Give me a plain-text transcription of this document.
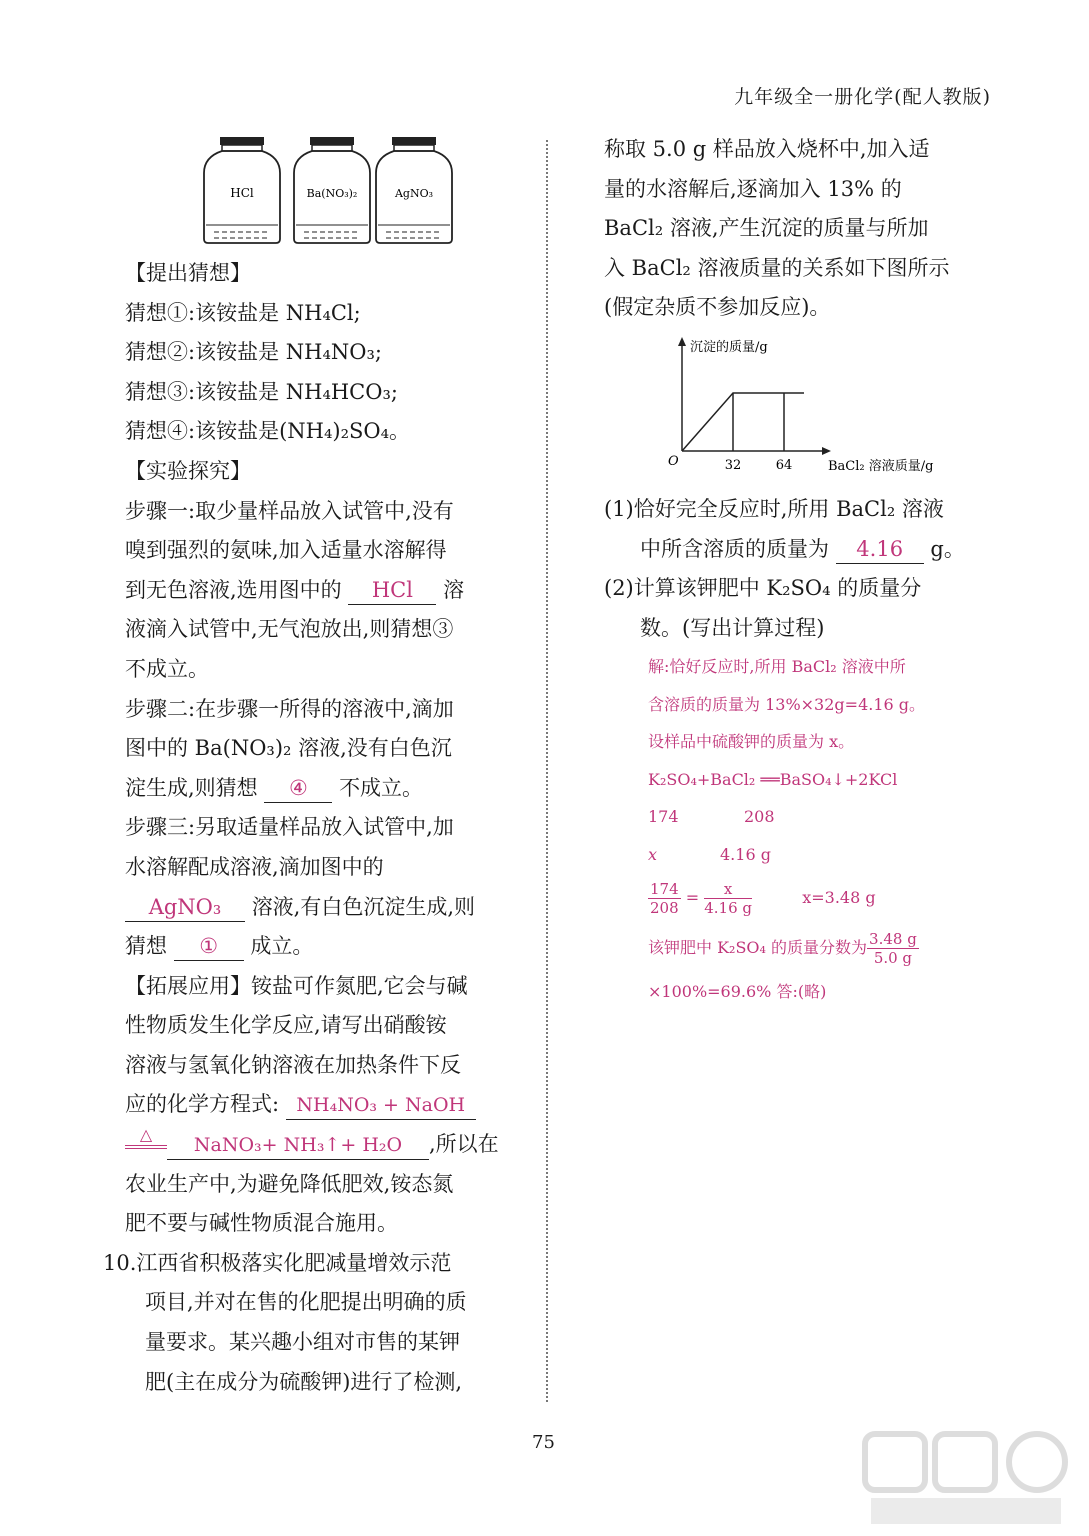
九年级全一册化学(配人教版)
HCl	Ba(NO₃)₂	AgNO₃
【提出猜想】
猜想①:该铵盐是 NH₄Cl;
猜想②:该铵盐是 NH₄NO₃;
猜想③:该铵盐是 NH₄HCO₃;
猜想④:该铵盐是(NH₄)₂SO₄。
【实验探究】
步骤一:取少量样品放入试管中,没有
嗅到强烈的氨味,加入适量水溶解得
到无色溶液,选用图中的 HCl 溶
液滴入试管中,无气泡放出,则猜想③
不成立。
步骤二:在步骤一所得的溶液中,滴加
图中的 Ba(NO₃)₂ 溶液,没有白色沉
淀生成,则猜想 ④ 不成立。
步骤三:另取适量样品放入试管中,加
水溶解配成溶液,滴加图中的
AgNO₃ 溶液,有白色沉淀生成,则
猜想 ① 成立。
【拓展应用】铵盐可作氮肥,它会与碱
性物质发生化学反应,请写出硝酸铵
溶液与氢氧化钠溶液在加热条件下反
应的化学方程式: NH₄NO₃ + NaOH
△ NaNO₃+ NH₃↑+ H₂O ,所以在
农业生产中,为避免降低肥效,铵态氮
肥不要与碱性物质混合施用。
10.江西省积极落实化肥减量增效示范
项目,并对在售的化肥提出明确的质
量要求。某兴趣小组对市售的某钾
肥(主在成分为硫酸钾)进行了检测,
称取 5.0 g 样品放入烧杯中,加入适
量的水溶解后,逐滴加入 13% 的
BaCl₂ 溶液,产生沉淀的质量与所加
入 BaCl₂ 溶液质量的关系如下图所示
(假定杂质不参加反应)。
沉淀的质量/g
BaCl₂ 溶液质量/g
O	32	64
(1)恰好完全反应时,所用 BaCl₂ 溶液
中所含溶质的质量为 4.16 g。
(2)计算该钾肥中 K₂SO₄ 的质量分
数。(写出计算过程)
解:恰好反应时,所用 BaCl₂ 溶液中所
含溶质的质量为 13%×32g=4.16 g。
设样品中硫酸钾的质量为 x。
K₂SO₄+BaCl₂ ══BaSO₄↓+2KCl
174	208
x	4.16 g
$\frac{174}{208} = \frac{x}{4.16 g}$	x=3.48 g
该钾肥中 K₂SO₄ 的质量分数为 $\frac{3.48 g}{5.0 g}$
×100%=69.6% 答:(略)
75
